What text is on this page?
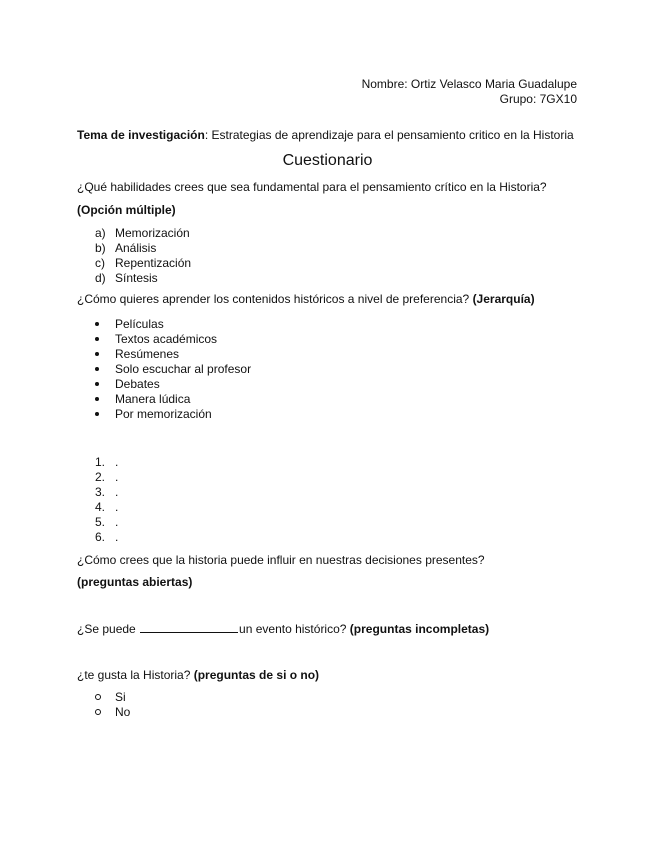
Nombre: Ortiz Velasco Maria Guadalupe
Grupo: 7GX10
Tema de investigación: Estrategias de aprendizaje para el pensamiento critico en la Historia
Cuestionario
¿Qué habilidades crees que sea fundamental para el pensamiento crítico en la Historia?
(Opción múltiple)
a) Memorización
b) Análisis
c) Repentización
d) Síntesis
¿Cómo quieres aprender los contenidos históricos a nivel de preferencia? (Jerarquía)
Películas
Textos académicos
Resúmenes
Solo escuchar al profesor
Debates
Manera lúdica
Por memorización
1. .
2. .
3. .
4. .
5. .
6. .
¿Cómo crees que la historia puede influir en nuestras decisiones presentes?
(preguntas abiertas)
¿Se puede	un evento histórico? (preguntas incompletas)
¿te gusta la Historia? (preguntas de si o no)
Si
No
